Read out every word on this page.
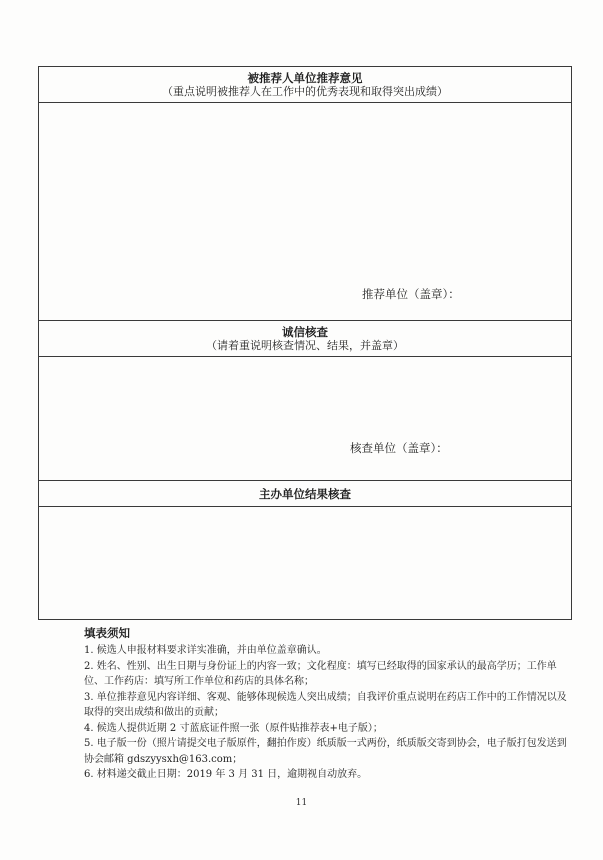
被推荐人单位推荐意见
（重点说明被推荐人在工作中的优秀表现和取得突出成绩）
推荐单位（盖章）：
诚信核查
（请着重说明核查情况、结果，并盖章）
核查单位（盖章）：
主办单位结果核查
填表须知
1. 候选人申报材料要求详实准确，并由单位盖章确认。
2. 姓名、性别、出生日期与身份证上的内容一致；文化程度：填写已经取得的国家承认的最高学历；工作单位、工作药店：填写所工作单位和药店的具体名称；
3. 单位推荐意见内容详细、客观、能够体现候选人突出成绩；自我评价重点说明在药店工作中的工作情况以及取得的突出成绩和做出的贡献；
4. 候选人提供近期 2 寸蓝底证件照一张（原件贴推荐表+电子版）；
5. 电子版一份（照片请提交电子版原件，翻拍作废）纸质版一式两份，纸质版交寄到协会，电子版打包发送到协会邮箱 gdszyysxh@163.com；
6. 材料递交截止日期：2019 年 3 月 31 日，逾期视自动放弃。
11
